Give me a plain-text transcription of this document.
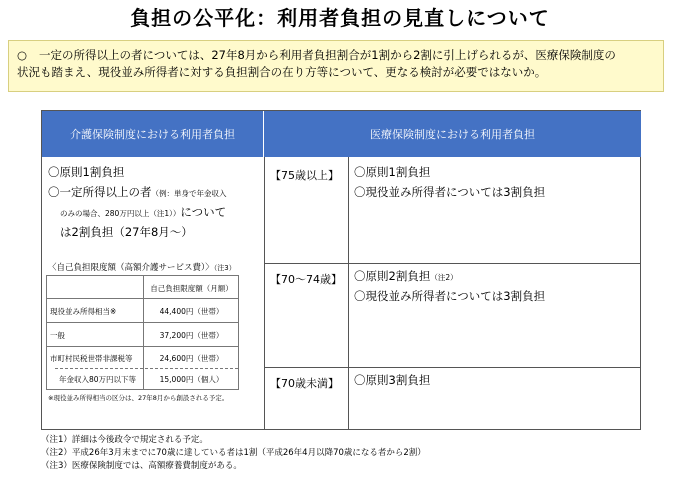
負担の公平化：利用者負担の見直しについて
○ 一定の所得以上の者については、27年8月から利用者負担割合が1割から2割に引上げられるが、医療保険制度の
状況も踏まえ、現役並み所得者に対する負担割合の在り方等について、更なる検討が必要ではないか。
介護保険制度における利用者負担	医療保険制度における利用者負担
〇原則1割負担
〇一定所得以上の者（例：単身で年金収入
のみの場合、280万円以上（注1））について
は2割負担（27年8月～）
〈自己負担限度額（高額介護サービス費）〉（注3）
自己負担限度額（月額）
現役並み所得相当※	44,400円（世帯）
一般	37,200円（世帯）
市町村民税世帯非課税等	24,600円（世帯）
年金収入80万円以下等	15,000円（個人）
※現役並み所得相当の区分は、27年8月から創設される予定。
【75歳以上】 〇原則1割負担
〇現役並み所得者については3割負担
【70～74歳】 〇原則2割負担（注2）
〇現役並み所得者については3割負担
【70歳未満】 〇原則3割負担
（注1）詳細は今後政令で規定される予定。
（注2）平成26年3月末までに70歳に達している者は1割（平成26年4月以降70歳になる者から2割）
（注3）医療保険制度では、高額療養費制度がある。
